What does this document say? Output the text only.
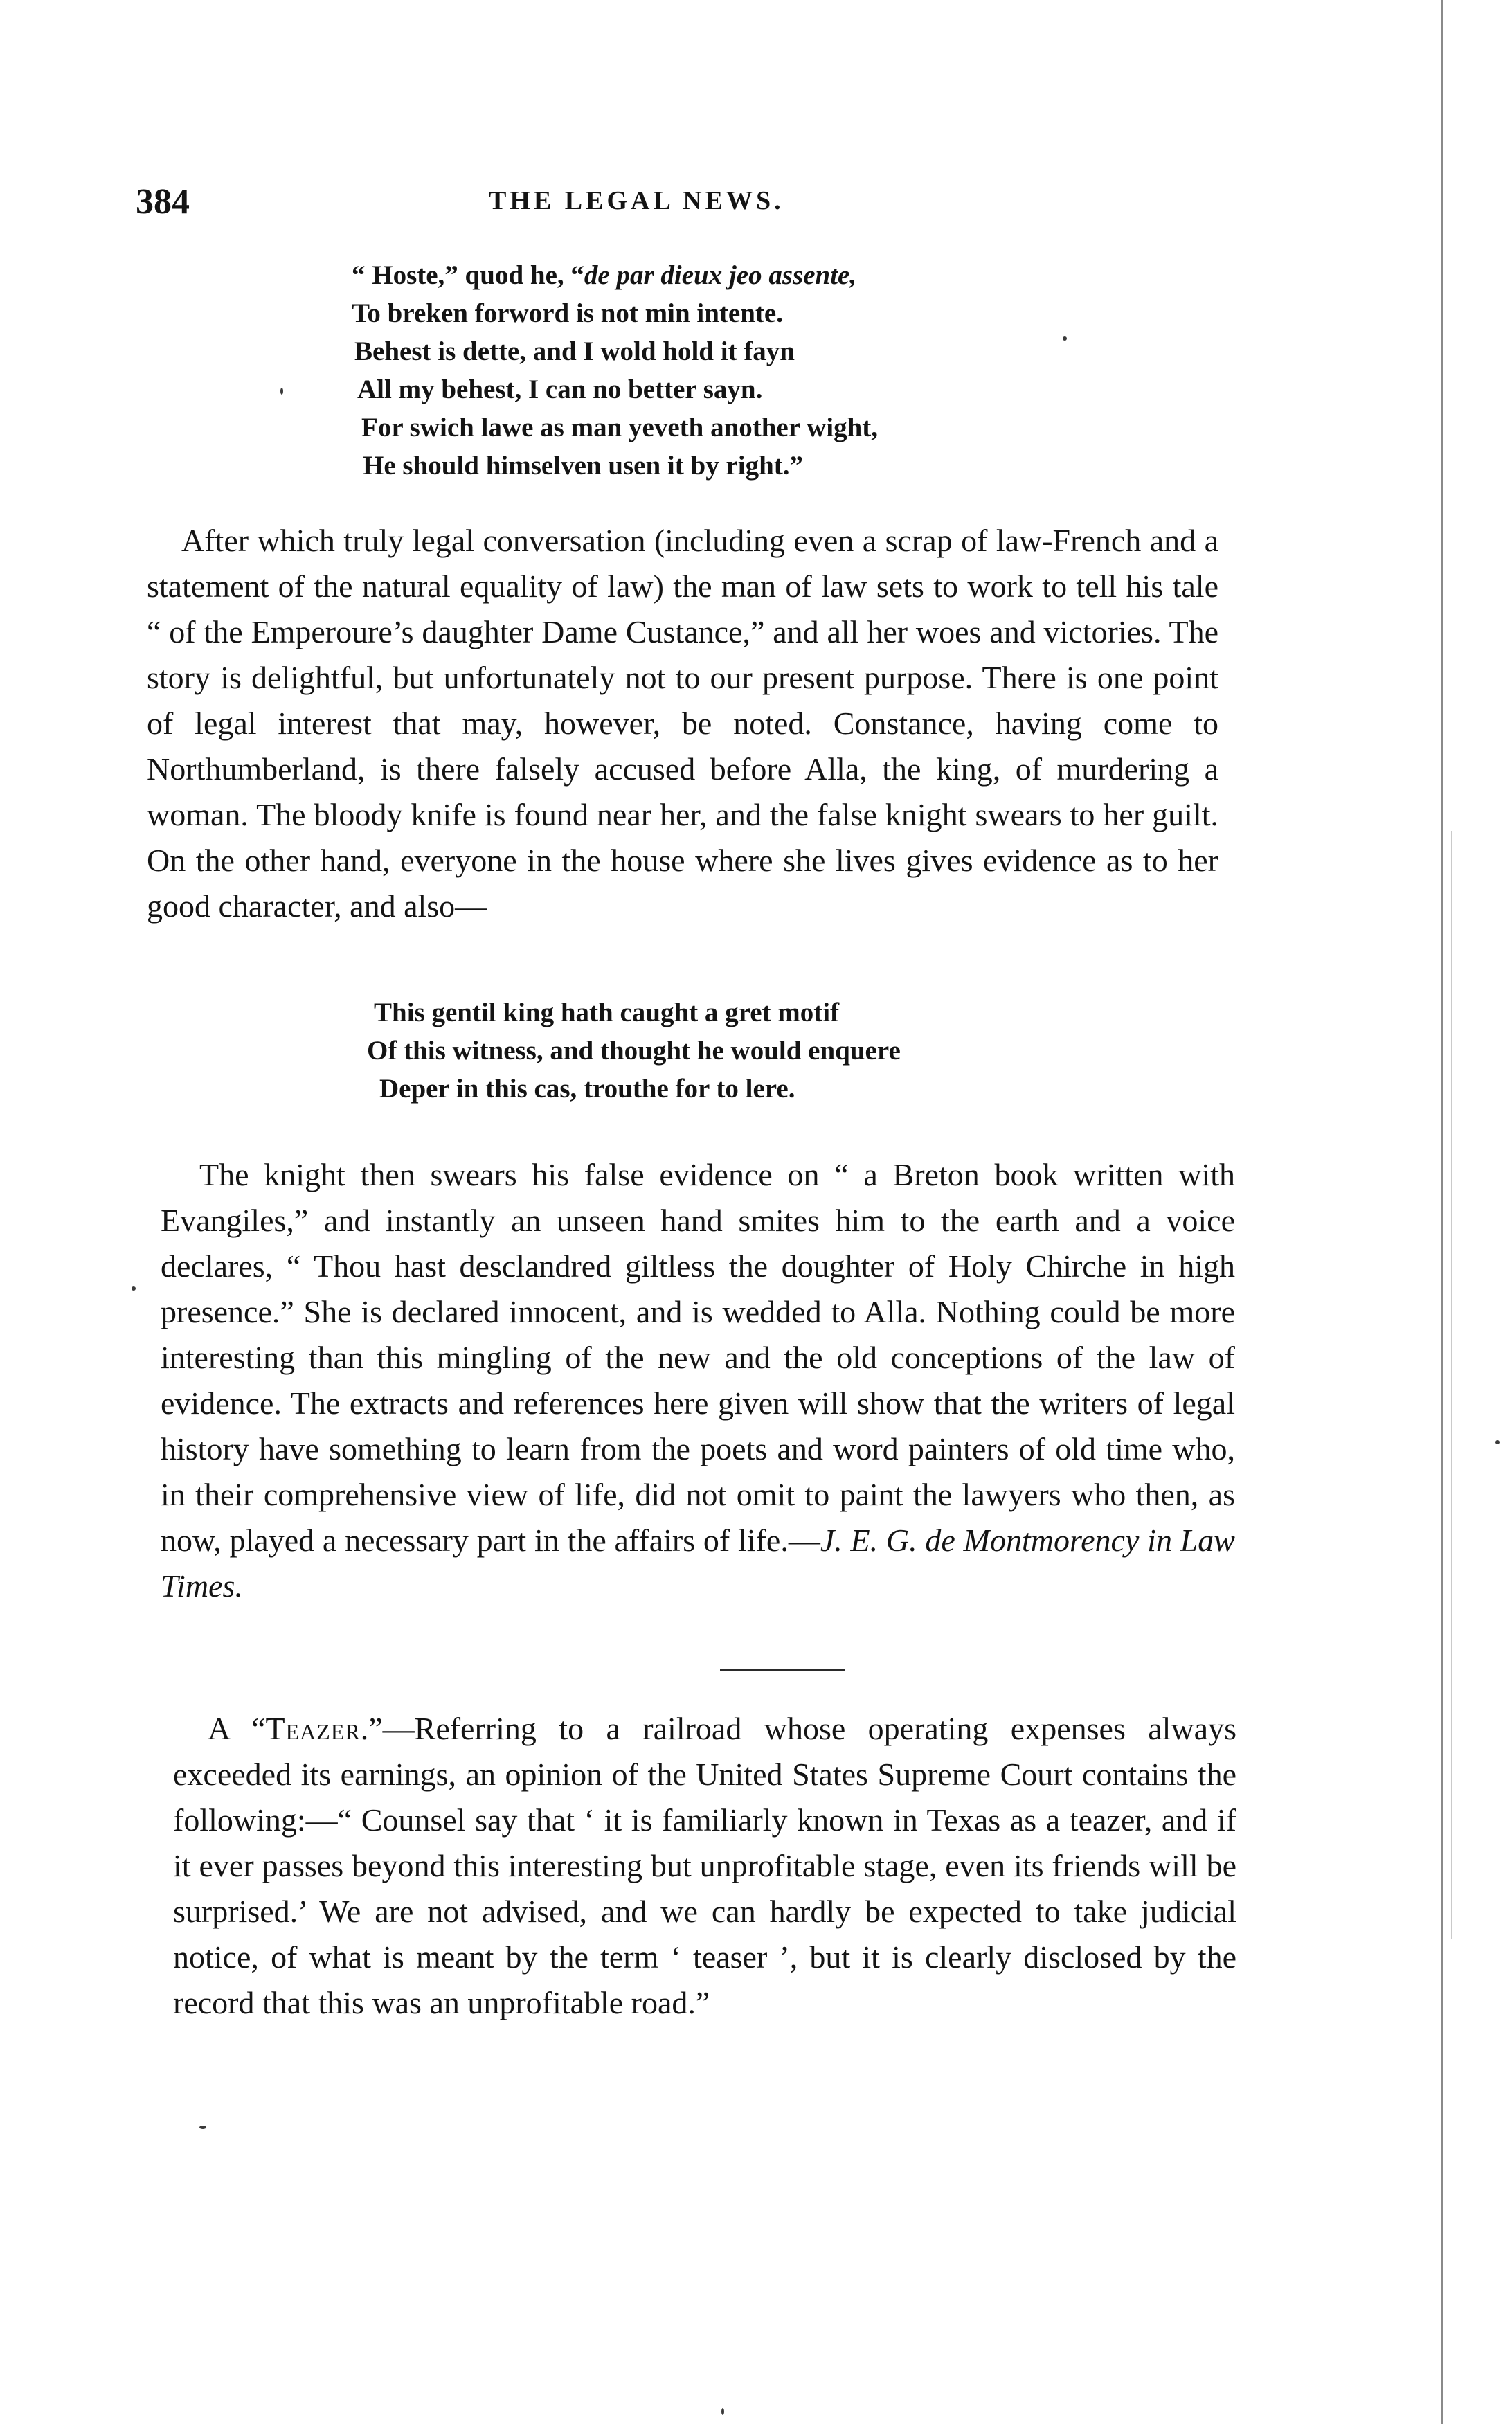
384	THE LEGAL NEWS.
“ Hoste,” quod he, “de par dieux jeo assente,
To breken forword is not min intente.
Behest is dette, and I wold hold it fayn
All my behest, I can no better sayn.
For swich lawe as man yeveth another wight,
He should himselven usen it by right.”

After which truly legal conversation (including even a scrap of law-French and a statement of the natural equality of law) the man of law sets to work to tell his tale “ of the Emperoure’s daughter Dame Custance,” and all her woes and victories. The story is delightful, but unfortunately not to our present purpose. There is one point of legal interest that may, however, be noted. Constance, having come to Northumberland, is there falsely accused before Alla, the king, of murdering a woman. The bloody knife is found near her, and the false knight swears to her guilt. On the other hand, everyone in the house where she lives gives evidence as to her good character, and also—

This gentil king hath caught a gret motif
Of this witness, and thought he would enquere
Deper in this cas, trouthe for to lere.

The knight then swears his false evidence on “ a Breton book written with Evangiles,” and instantly an unseen hand smites him to the earth and a voice declares, “ Thou hast desclandred giltless the doughter of Holy Chirche in high presence.” She is declared innocent, and is wedded to Alla. Nothing could be more interesting than this mingling of the new and the old conceptions of the law of evidence. The extracts and references here given will show that the writers of legal history have something to learn from the poets and word painters of old time who, in their comprehensive view of life, did not omit to paint the lawyers who then, as now, played a necessary part in the affairs of life.—J. E. G. de Montmorency in Law Times.

A “Teazer.”—Referring to a railroad whose operating expenses always exceeded its earnings, an opinion of the United States Supreme Court contains the following:—“ Counsel say that ‘ it is familiarly known in Texas as a teazer, and if it ever passes beyond this interesting but unprofitable stage, even its friends will be surprised.’ We are not advised, and we can hardly be expected to take judicial notice, of what is meant by the term ‘ teaser ’, but it is clearly disclosed by the record that this was an unprofitable road.”
